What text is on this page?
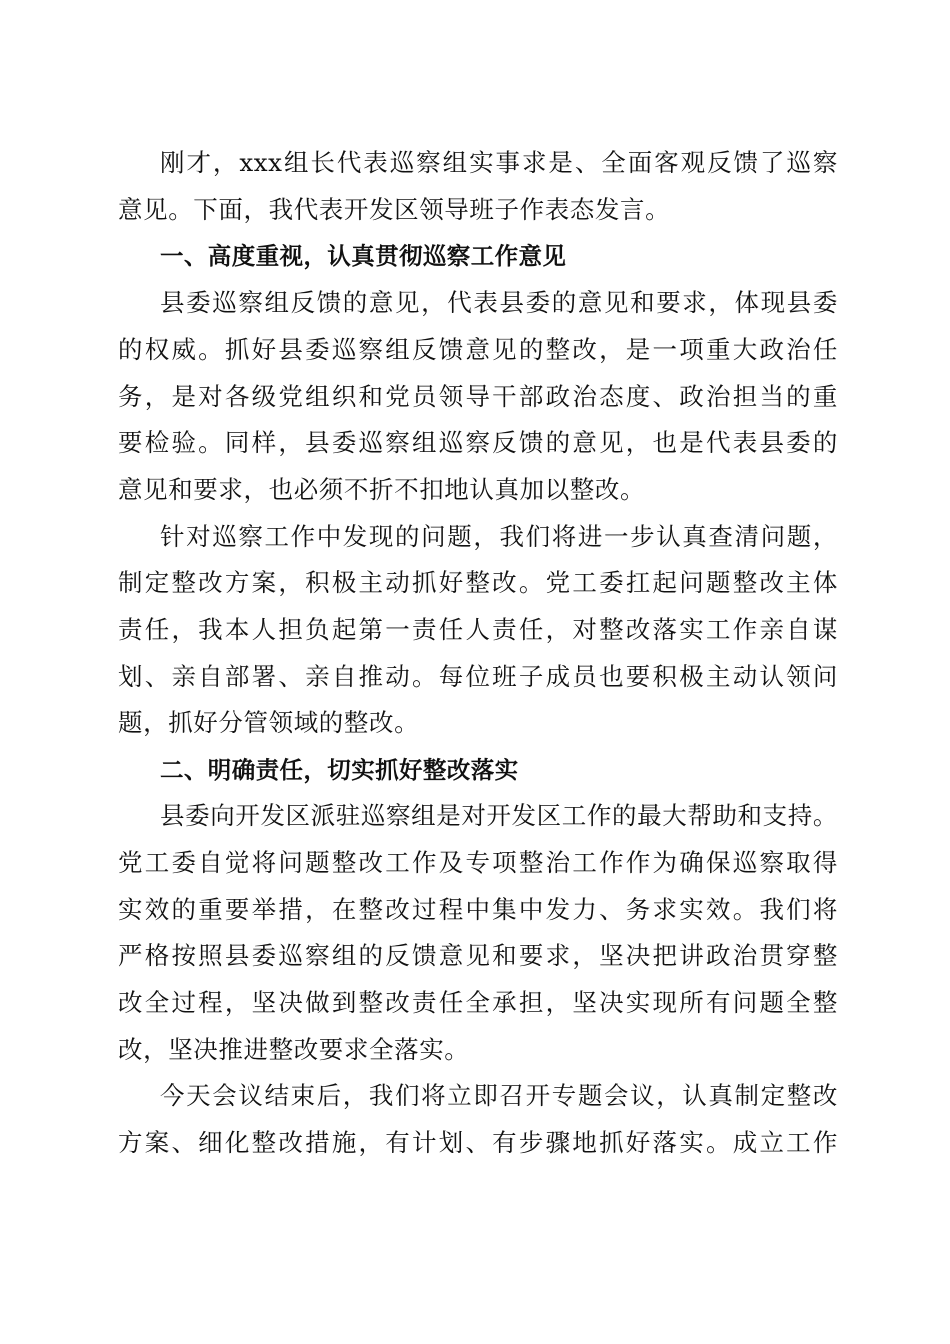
刚才，xxx组长代表巡察组实事求是、全面客观反馈了巡察
意见。下面，我代表开发区领导班子作表态发言。
一、高度重视，认真贯彻巡察工作意见
县委巡察组反馈的意见，代表县委的意见和要求，体现县委
的权威。抓好县委巡察组反馈意见的整改，是一项重大政治任
务，是对各级党组织和党员领导干部政治态度、政治担当的重
要检验。同样，县委巡察组巡察反馈的意见，也是代表县委的
意见和要求，也必须不折不扣地认真加以整改。
针对巡察工作中发现的问题，我们将进一步认真查清问题，
制定整改方案，积极主动抓好整改。党工委扛起问题整改主体
责任，我本人担负起第一责任人责任，对整改落实工作亲自谋
划、亲自部署、亲自推动。每位班子成员也要积极主动认领问
题，抓好分管领域的整改。
二、明确责任，切实抓好整改落实
县委向开发区派驻巡察组是对开发区工作的最大帮助和支持。
党工委自觉将问题整改工作及专项整治工作作为确保巡察取得
实效的重要举措，在整改过程中集中发力、务求实效。我们将
严格按照县委巡察组的反馈意见和要求，坚决把讲政治贯穿整
改全过程，坚决做到整改责任全承担，坚决实现所有问题全整
改，坚决推进整改要求全落实。
今天会议结束后，我们将立即召开专题会议，认真制定整改
方案、细化整改措施，有计划、有步骤地抓好落实。成立工作
